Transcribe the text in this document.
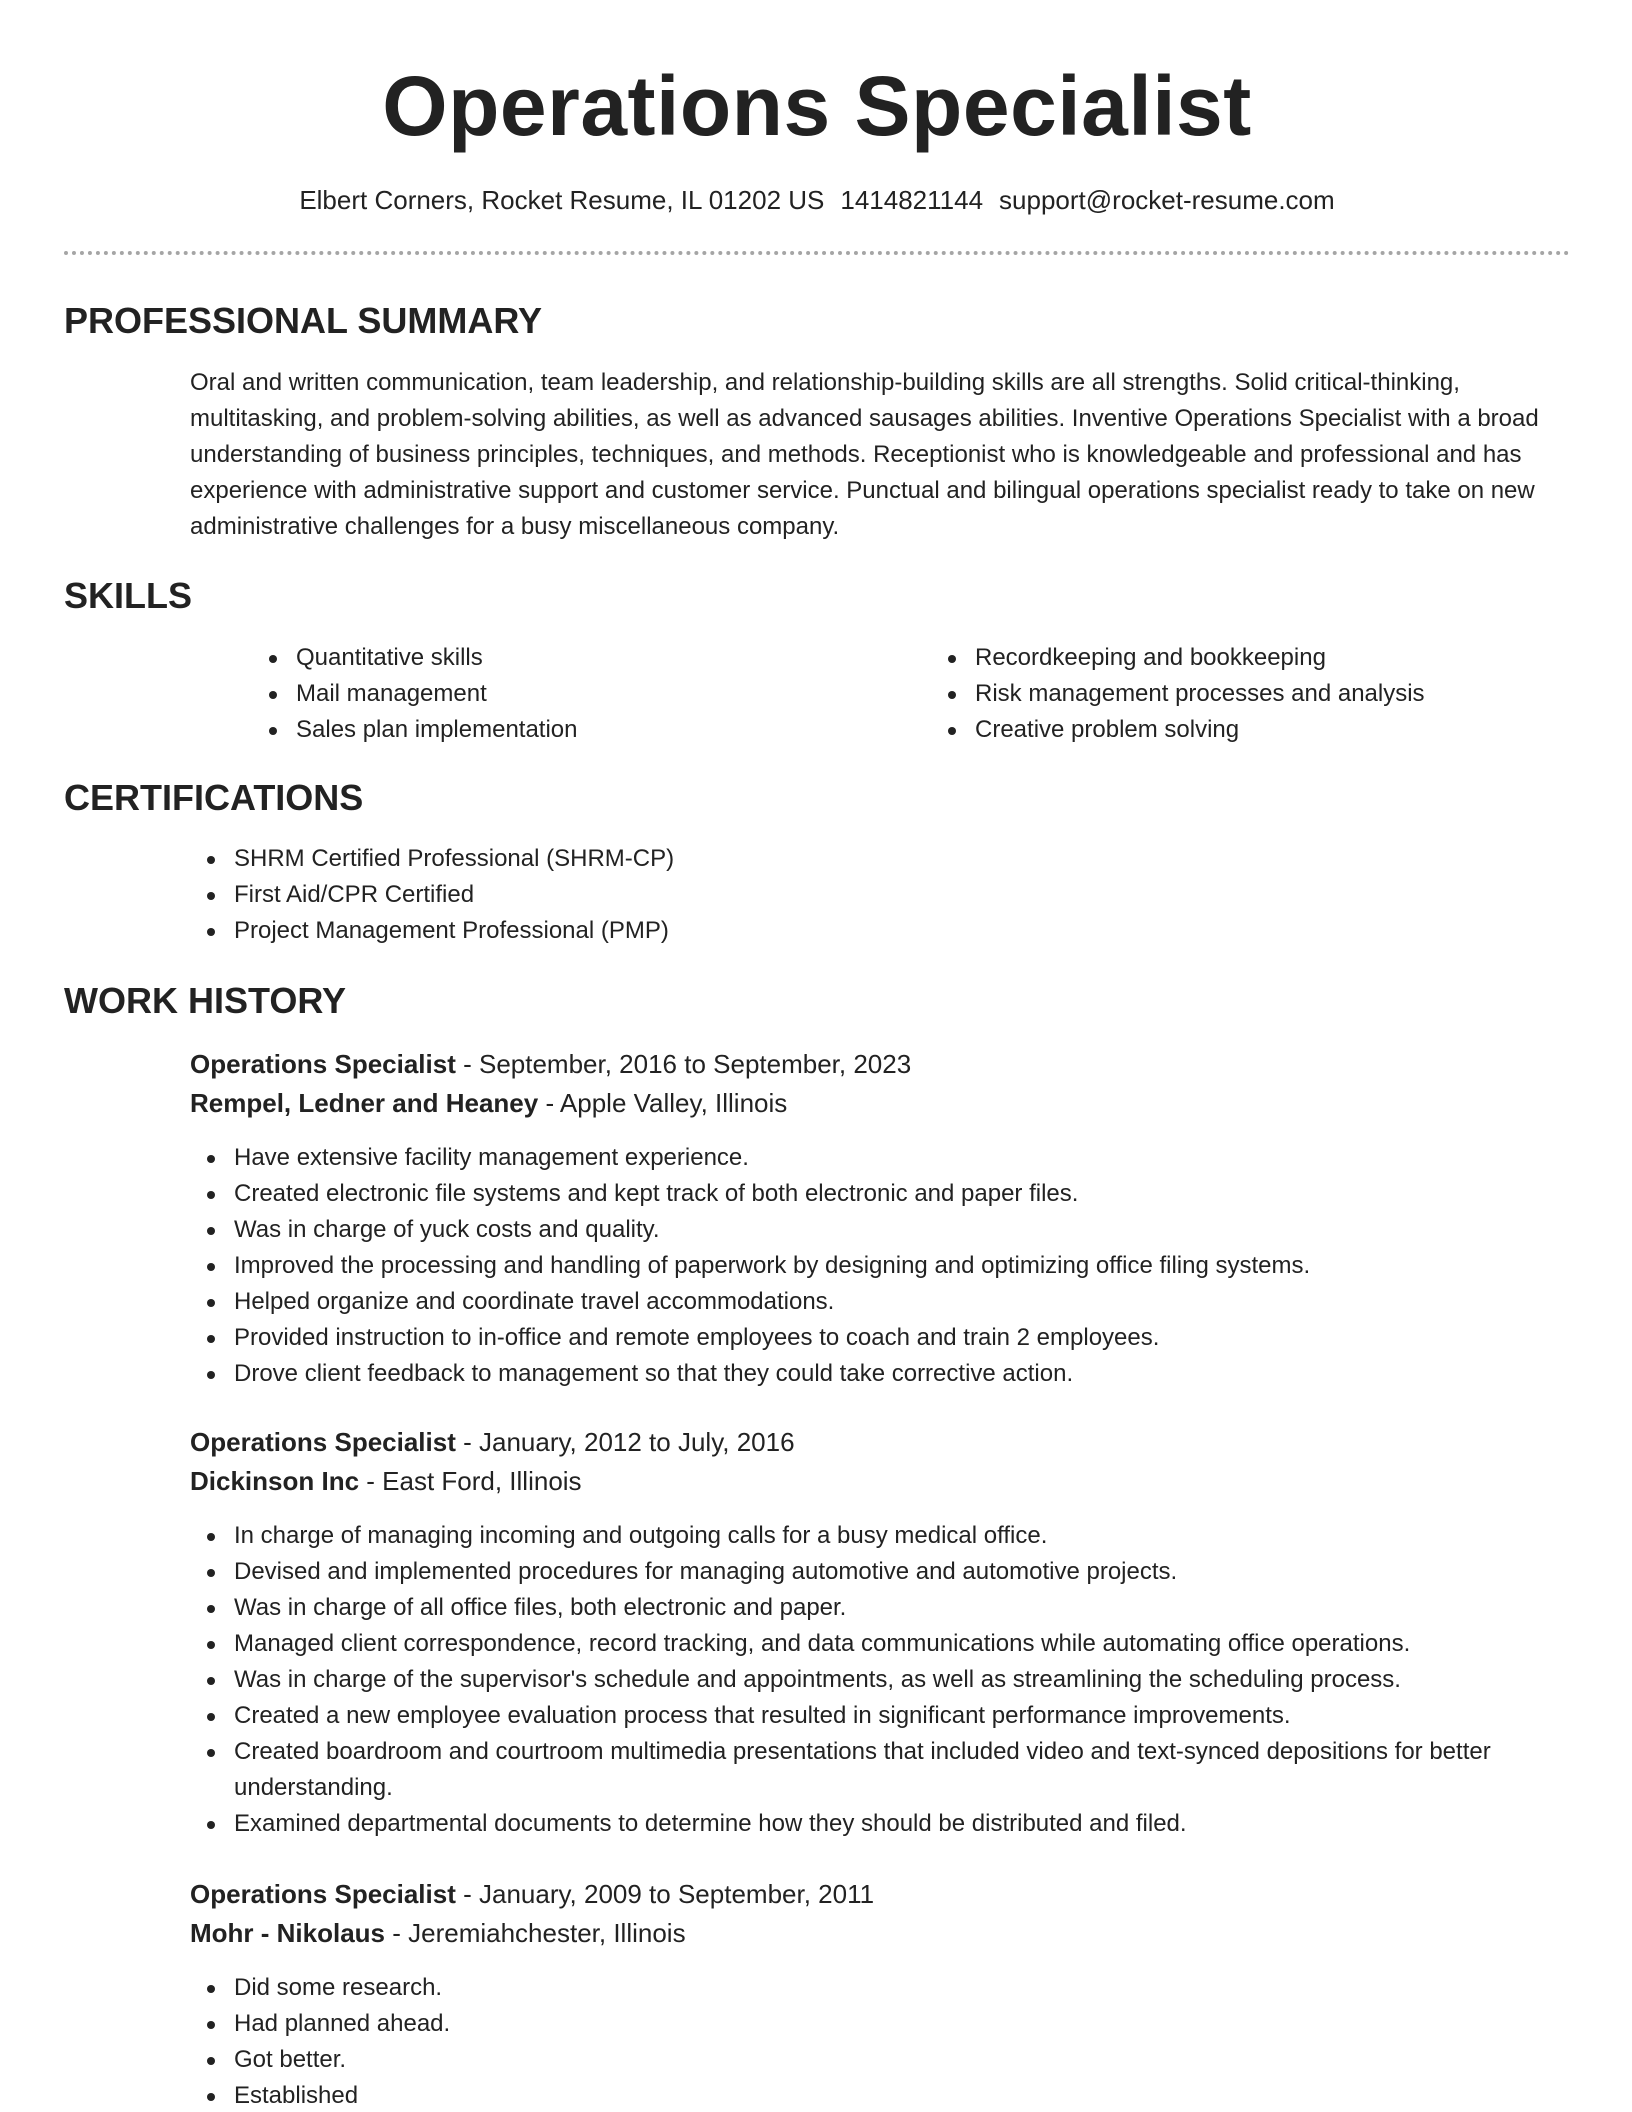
Operations Specialist
Elbert Corners, Rocket Resume, IL 01202 US 1414821144 support@rocket-resume.com
PROFESSIONAL SUMMARY
Oral and written communication, team leadership, and relationship-building skills are all strengths. Solid critical-thinking, multitasking, and problem-solving abilities, as well as advanced sausages abilities. Inventive Operations Specialist with a broad understanding of business principles, techniques, and methods. Receptionist who is knowledgeable and professional and has experience with administrative support and customer service. Punctual and bilingual operations specialist ready to take on new administrative challenges for a busy miscellaneous company.
SKILLS
Quantitative skills
Mail management
Sales plan implementation
Recordkeeping and bookkeeping
Risk management processes and analysis
Creative problem solving
CERTIFICATIONS
SHRM Certified Professional (SHRM-CP)
First Aid/CPR Certified
Project Management Professional (PMP)
WORK HISTORY
Operations Specialist - September, 2016 to September, 2023
Rempel, Ledner and Heaney - Apple Valley, Illinois
Have extensive facility management experience.
Created electronic file systems and kept track of both electronic and paper files.
Was in charge of yuck costs and quality.
Improved the processing and handling of paperwork by designing and optimizing office filing systems.
Helped organize and coordinate travel accommodations.
Provided instruction to in-office and remote employees to coach and train 2 employees.
Drove client feedback to management so that they could take corrective action.
Operations Specialist - January, 2012 to July, 2016
Dickinson Inc - East Ford, Illinois
In charge of managing incoming and outgoing calls for a busy medical office.
Devised and implemented procedures for managing automotive and automotive projects.
Was in charge of all office files, both electronic and paper.
Managed client correspondence, record tracking, and data communications while automating office operations.
Was in charge of the supervisor's schedule and appointments, as well as streamlining the scheduling process.
Created a new employee evaluation process that resulted in significant performance improvements.
Created boardroom and courtroom multimedia presentations that included video and text-synced depositions for better understanding.
Examined departmental documents to determine how they should be distributed and filed.
Operations Specialist - January, 2009 to September, 2011
Mohr - Nikolaus - Jeremiahchester, Illinois
Did some research.
Had planned ahead.
Got better.
Established
